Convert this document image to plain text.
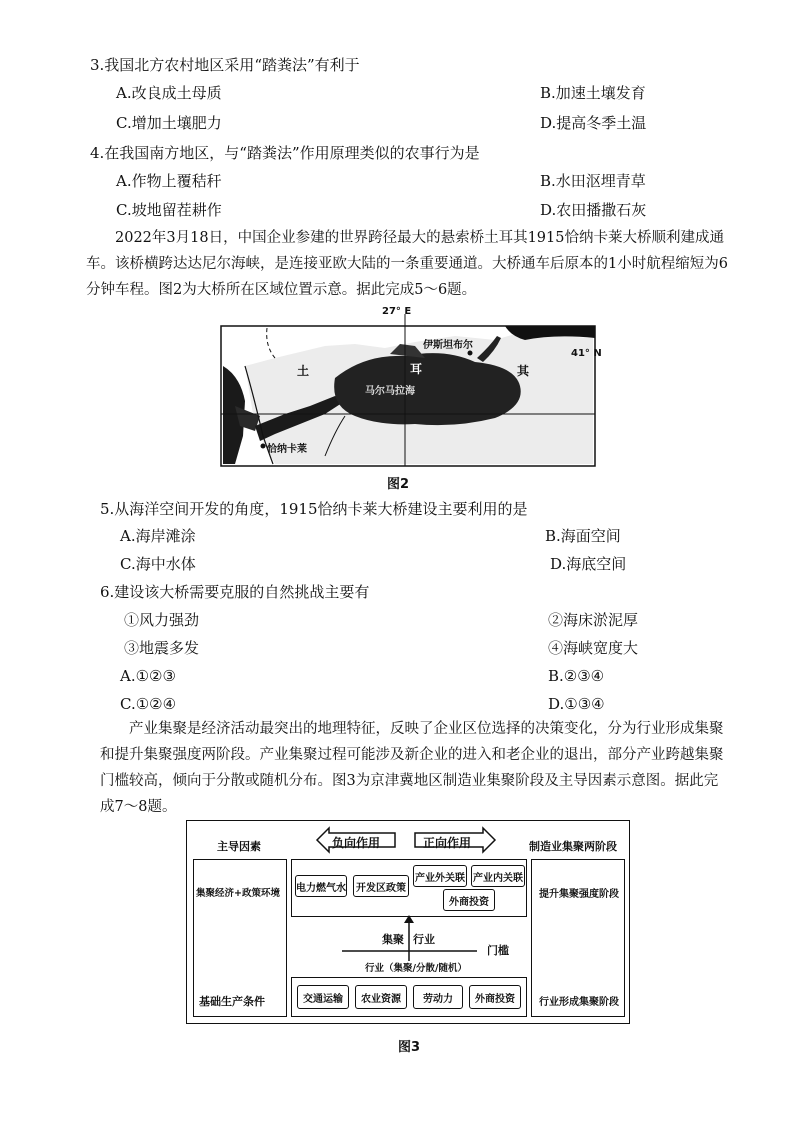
3.我国北方农村地区采用“踏粪法”有利于
A.改良成土母质	B.加速土壤发育
C.增加土壤肥力	D.提高冬季土温
4.在我国南方地区，与“踏粪法”作用原理类似的农事行为是
A.作物上覆秸秆	B.水田沤埋青草
C.坡地留茬耕作	D.农田播撒石灰
2022年3月18日，中国企业参建的世界跨径最大的悬索桥土耳其1915恰纳卡莱大桥顺利建成通车。该桥横跨达达尼尔海峡，是连接亚欧大陆的一条重要通道。大桥通车后原本的1小时航程缩短为6分钟车程。图2为大桥所在区域位置示意。据此完成5～6题。
27° E
41° N
希
腊	伊斯坦布尔
土	耳	其
马尔马拉海
恰纳卡莱
图2
5.从海洋空间开发的角度，1915恰纳卡莱大桥建设主要利用的是
A.海岸滩涂	B.海面空间
C.海中水体	D.海底空间
6.建设该大桥需要克服的自然挑战主要有
①风力强劲	②海床淤泥厚
③地震多发	④海峡宽度大
A.①②③	B.②③④
C.①②④	D.①③④
产业集聚是经济活动最突出的地理特征，反映了企业区位选择的决策变化，分为行业形成集聚和提升集聚强度两阶段。产业集聚过程可能涉及新企业的进入和老企业的退出，部分产业跨越集聚门槛较高，倾向于分散或随机分布。图3为京津冀地区制造业集聚阶段及主导因素示意图。据此完成7～8题。
主导因素
集聚经济+政策环境
基础生产条件
负向作用	正向作用	制造业集聚两阶段
提升集聚强度阶段
行业形成集聚阶段
电力燃气水	开发区政策
产业外关联 产业内关联
外商投资
集聚 行业
门槛
行业（集聚/分散/随机）
交通运输	农业资源	劳动力	外商投资
图3
